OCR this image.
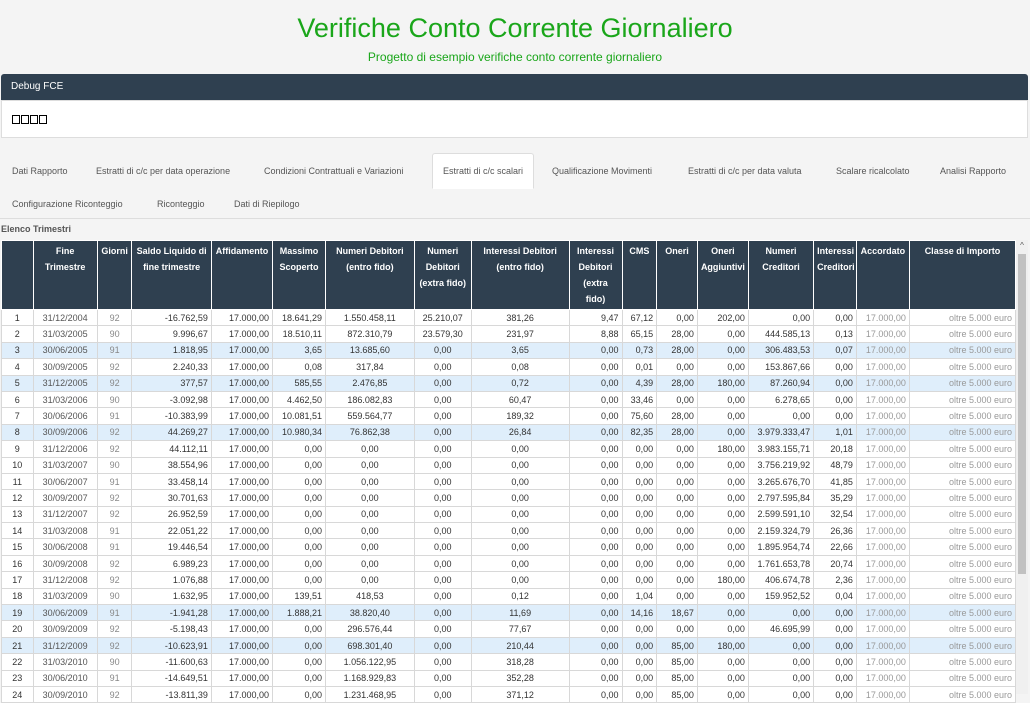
Verifiche Conto Corrente Giornaliero
Progetto di esempio verifiche conto corrente giornaliero
Debug FCE
Dati Rapporto	Estratti di c/c per data operazione	Condizioni Contrattuali e Variazioni	Estratti di c/c scalari	Qualificazione Movimenti	Estratti di c/c per data valuta	Scalare ricalcolato	Analisi Rapporto
Configurazione Riconteggio	Riconteggio	Dati di Riepilogo
Elenco Trimestri
	Fine Trimestre	Giorni	Saldo Liquido di fine trimestre	Affidamento	Massimo Scoperto	Numeri Debitori (entro fido)	Numeri Debitori (extra fido)	Interessi Debitori (entro fido)	Interessi Debitori (extra fido)	CMS	Oneri	Oneri Aggiuntivi	Numeri Creditori	Interessi Creditori	Accordato	Classe di Importo
1	31/12/2004	92	-16.762,59	17.000,00	18.641,29	1.550.458,11	25.210,07	381,26	9,47	67,12	0,00	202,00	0,00	0,00	17.000,00	oltre 5.000 euro
2	31/03/2005	90	9.996,67	17.000,00	18.510,11	872.310,79	23.579,30	231,97	8,88	65,15	28,00	0,00	444.585,13	0,13	17.000,00	oltre 5.000 euro
3	30/06/2005	91	1.818,95	17.000,00	3,65	13.685,60	0,00	3,65	0,00	0,73	28,00	0,00	306.483,53	0,07	17.000,00	oltre 5.000 euro
4	30/09/2005	92	2.240,33	17.000,00	0,08	317,84	0,00	0,08	0,00	0,01	0,00	0,00	153.867,66	0,00	17.000,00	oltre 5.000 euro
5	31/12/2005	92	377,57	17.000,00	585,55	2.476,85	0,00	0,72	0,00	4,39	28,00	180,00	87.260,94	0,00	17.000,00	oltre 5.000 euro
6	31/03/2006	90	-3.092,98	17.000,00	4.462,50	186.082,83	0,00	60,47	0,00	33,46	0,00	0,00	6.278,65	0,00	17.000,00	oltre 5.000 euro
7	30/06/2006	91	-10.383,99	17.000,00	10.081,51	559.564,77	0,00	189,32	0,00	75,60	28,00	0,00	0,00	0,00	17.000,00	oltre 5.000 euro
8	30/09/2006	92	44.269,27	17.000,00	10.980,34	76.862,38	0,00	26,84	0,00	82,35	28,00	0,00	3.979.333,47	1,01	17.000,00	oltre 5.000 euro
9	31/12/2006	92	44.112,11	17.000,00	0,00	0,00	0,00	0,00	0,00	0,00	0,00	180,00	3.983.155,71	20,18	17.000,00	oltre 5.000 euro
10	31/03/2007	90	38.554,96	17.000,00	0,00	0,00	0,00	0,00	0,00	0,00	0,00	0,00	3.756.219,92	48,79	17.000,00	oltre 5.000 euro
11	30/06/2007	91	33.458,14	17.000,00	0,00	0,00	0,00	0,00	0,00	0,00	0,00	0,00	3.265.676,70	41,85	17.000,00	oltre 5.000 euro
12	30/09/2007	92	30.701,63	17.000,00	0,00	0,00	0,00	0,00	0,00	0,00	0,00	0,00	2.797.595,84	35,29	17.000,00	oltre 5.000 euro
13	31/12/2007	92	26.952,59	17.000,00	0,00	0,00	0,00	0,00	0,00	0,00	0,00	0,00	2.599.591,10	32,54	17.000,00	oltre 5.000 euro
14	31/03/2008	91	22.051,22	17.000,00	0,00	0,00	0,00	0,00	0,00	0,00	0,00	0,00	2.159.324,79	26,36	17.000,00	oltre 5.000 euro
15	30/06/2008	91	19.446,54	17.000,00	0,00	0,00	0,00	0,00	0,00	0,00	0,00	0,00	1.895.954,74	22,66	17.000,00	oltre 5.000 euro
16	30/09/2008	92	6.989,23	17.000,00	0,00	0,00	0,00	0,00	0,00	0,00	0,00	0,00	1.761.653,78	20,74	17.000,00	oltre 5.000 euro
17	31/12/2008	92	1.076,88	17.000,00	0,00	0,00	0,00	0,00	0,00	0,00	0,00	180,00	406.674,78	2,36	17.000,00	oltre 5.000 euro
18	31/03/2009	90	1.632,95	17.000,00	139,51	418,53	0,00	0,12	0,00	1,04	0,00	0,00	159.952,52	0,04	17.000,00	oltre 5.000 euro
19	30/06/2009	91	-1.941,28	17.000,00	1.888,21	38.820,40	0,00	11,69	0,00	14,16	18,67	0,00	0,00	0,00	17.000,00	oltre 5.000 euro
20	30/09/2009	92	-5.198,43	17.000,00	0,00	296.576,44	0,00	77,67	0,00	0,00	0,00	0,00	46.695,99	0,00	17.000,00	oltre 5.000 euro
21	31/12/2009	92	-10.623,91	17.000,00	0,00	698.301,40	0,00	210,44	0,00	0,00	85,00	180,00	0,00	0,00	17.000,00	oltre 5.000 euro
22	31/03/2010	90	-11.600,63	17.000,00	0,00	1.056.122,95	0,00	318,28	0,00	0,00	85,00	0,00	0,00	0,00	17.000,00	oltre 5.000 euro
23	30/06/2010	91	-14.649,51	17.000,00	0,00	1.168.929,83	0,00	352,28	0,00	0,00	85,00	0,00	0,00	0,00	17.000,00	oltre 5.000 euro
24	30/09/2010	92	-13.811,39	17.000,00	0,00	1.231.468,95	0,00	371,12	0,00	0,00	85,00	0,00	0,00	0,00	17.000,00	oltre 5.000 euro
^
